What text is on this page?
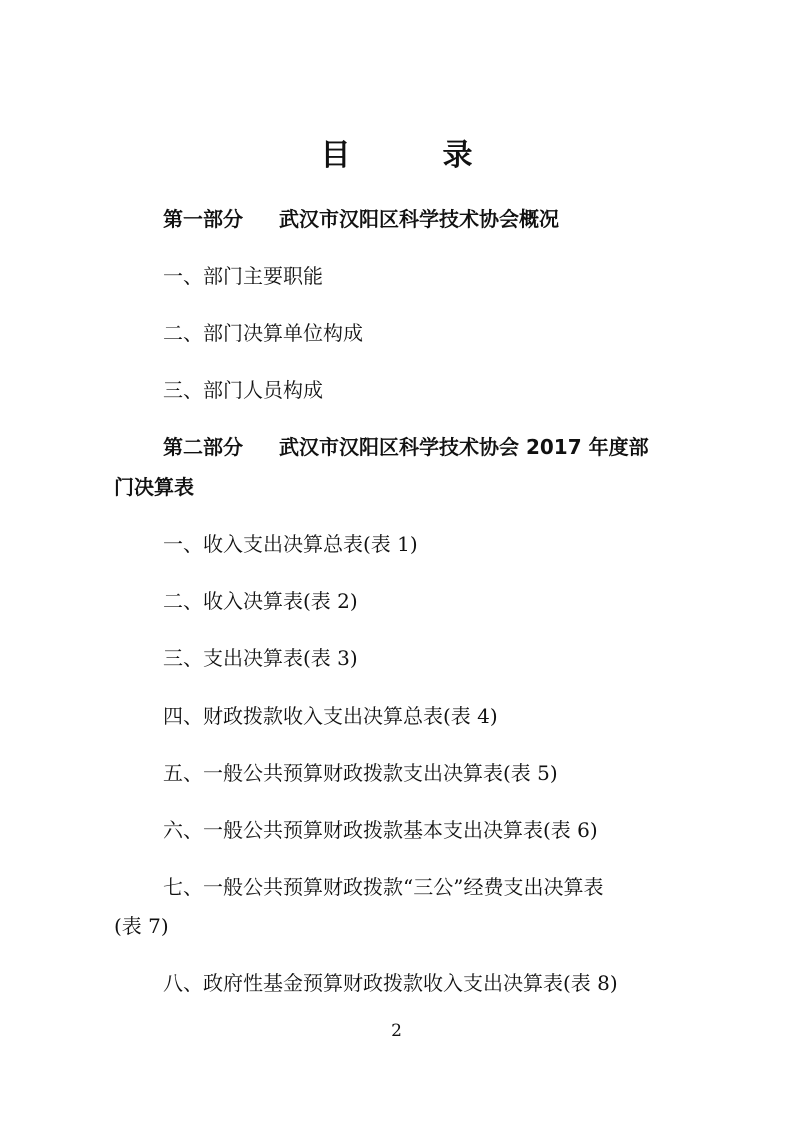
目	录
第一部分 武汉市汉阳区科学技术协会概况
一、部门主要职能
二、部门决算单位构成
三、部门人员构成
第二部分 武汉市汉阳区科学技术协会 2017 年度部
门决算表
一、收入支出决算总表(表 1)
二、收入决算表(表 2)
三、支出决算表(表 3)
四、财政拨款收入支出决算总表(表 4)
五、一般公共预算财政拨款支出决算表(表 5)
六、一般公共预算财政拨款基本支出决算表(表 6)
七、一般公共预算财政拨款“三公”经费支出决算表
(表 7)
八、政府性基金预算财政拨款收入支出决算表(表 8)
2
